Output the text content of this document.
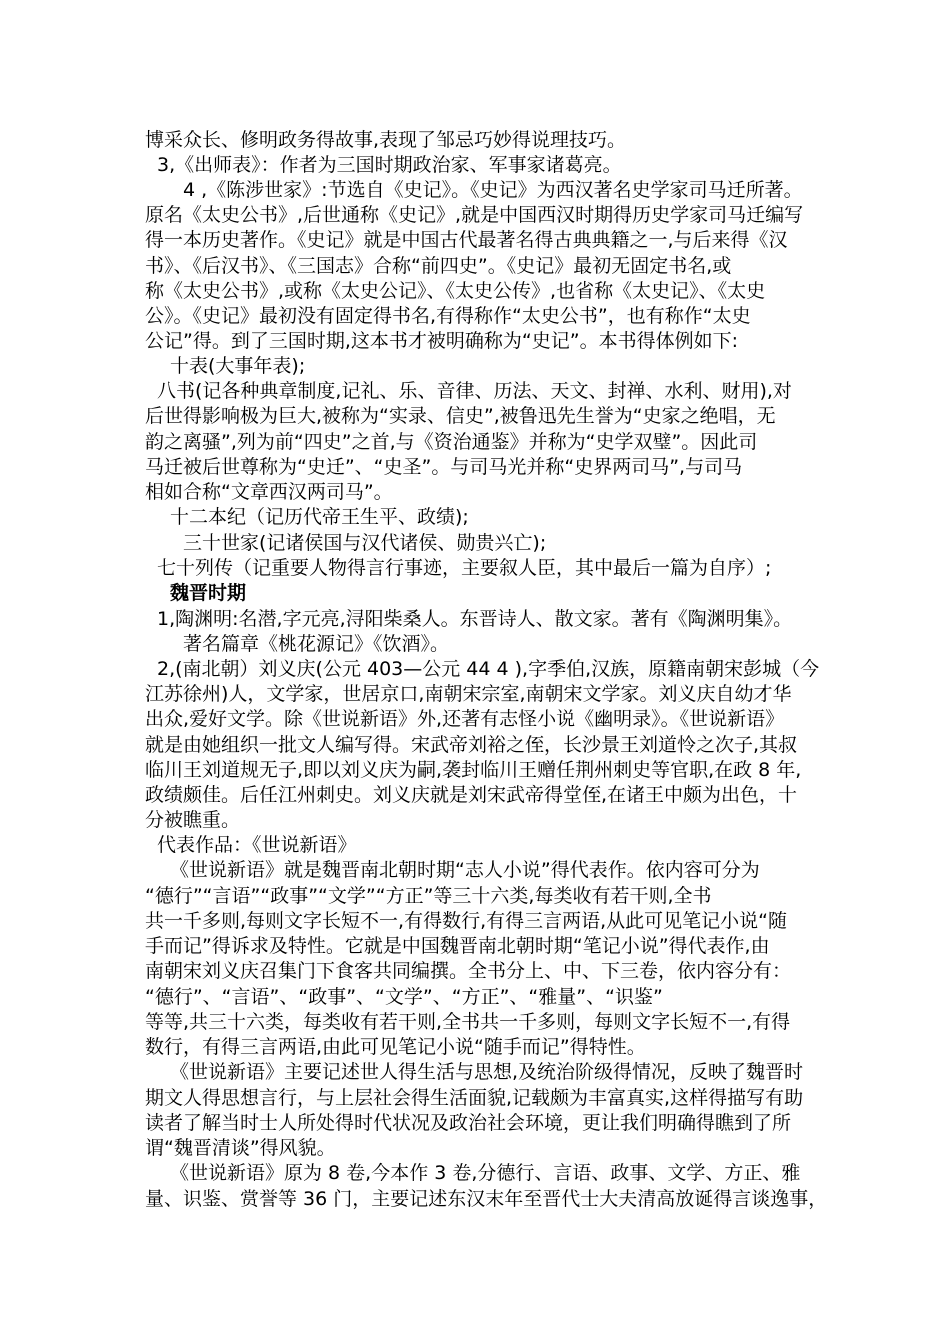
博采众长、修明政务得故事,表现了邹忌巧妙得说理技巧。
3,《出师表》：作者为三国时期政治家、军事家诸葛亮。
4 ,《陈涉世家》:节选自《史记》。《史记》为西汉著名史学家司马迁所著。
原名《太史公书》,后世通称《史记》,就是中国西汉时期得历史学家司马迁编写
得一本历史著作。《史记》就是中国古代最著名得古典典籍之一,与后来得《汉
书》、《后汉书》、《三国志》合称“前四史”。《史记》最初无固定书名,或
称《太史公书》,或称《太史公记》、《太史公传》,也省称《太史记》、《太史
公》。《史记》最初没有固定得书名,有得称作“太史公书”，也有称作“太史
公记”得。到了三国时期,这本书才被明确称为“史记”。本书得体例如下:
十表(大事年表);
八书(记各种典章制度,记礼、乐、音律、历法、天文、封禅、水利、财用),对
后世得影响极为巨大,被称为“实录、信史”,被鲁迅先生誉为“史家之绝唱，无
韵之离骚”,列为前“四史”之首,与《资治通鉴》并称为“史学双璧”。因此司
马迁被后世尊称为“史迁”、“史圣”。与司马光并称“史界两司马”,与司马
相如合称“文章西汉两司马”。
十二本纪（记历代帝王生平、政绩);
三十世家(记诸侯国与汉代诸侯、勋贵兴亡);
七十列传（记重要人物得言行事迹，主要叙人臣，其中最后一篇为自序）;
魏晋时期
1,陶渊明:名潜,字元亮,浔阳柴桑人。东晋诗人、散文家。著有《陶渊明集》。
著名篇章《桃花源记》《饮酒》。
2,(南北朝）刘义庆(公元 403—公元 44 4 ),字季伯,汉族，原籍南朝宋彭城（今
江苏徐州)人，文学家，世居京口,南朝宋宗室,南朝宋文学家。刘义庆自幼才华
出众,爱好文学。除《世说新语》外,还著有志怪小说《幽明录》。《世说新语》
就是由她组织一批文人编写得。宋武帝刘裕之侄，长沙景王刘道怜之次子,其叔
临川王刘道规无子,即以刘义庆为嗣,袭封临川王赠任荆州刺史等官职,在政 8 年,
政绩颇佳。后任江州刺史。刘义庆就是刘宋武帝得堂侄,在诸王中颇为出色，十
分被瞧重。
代表作品：《世说新语》
《世说新语》就是魏晋南北朝时期“志人小说”得代表作。依内容可分为
“德行”“言语”“政事”“文学”“方正”等三十六类,每类收有若干则,全书
共一千多则,每则文字长短不一,有得数行,有得三言两语,从此可见笔记小说“随
手而记”得诉求及特性。它就是中国魏晋南北朝时期“笔记小说”得代表作,由
南朝宋刘义庆召集门下食客共同编撰。全书分上、中、下三卷，依内容分有：
“德行”、“言语”、“政事”、“文学”、“方正”、“雅量”、“识鉴”
等等,共三十六类，每类收有若干则,全书共一千多则，每则文字长短不一,有得
数行，有得三言两语,由此可见笔记小说“随手而记”得特性。
《世说新语》主要记述世人得生活与思想,及统治阶级得情况，反映了魏晋时
期文人得思想言行，与上层社会得生活面貌,记载颇为丰富真实,这样得描写有助
读者了解当时士人所处得时代状况及政治社会环境，更让我们明确得瞧到了所
谓“魏晋清谈”得风貌。
《世说新语》原为 8 卷,今本作 3 卷,分德行、言语、政事、文学、方正、雅
量、识鉴、赏誉等 36 门，主要记述东汉末年至晋代士大夫清高放诞得言谈逸事，
